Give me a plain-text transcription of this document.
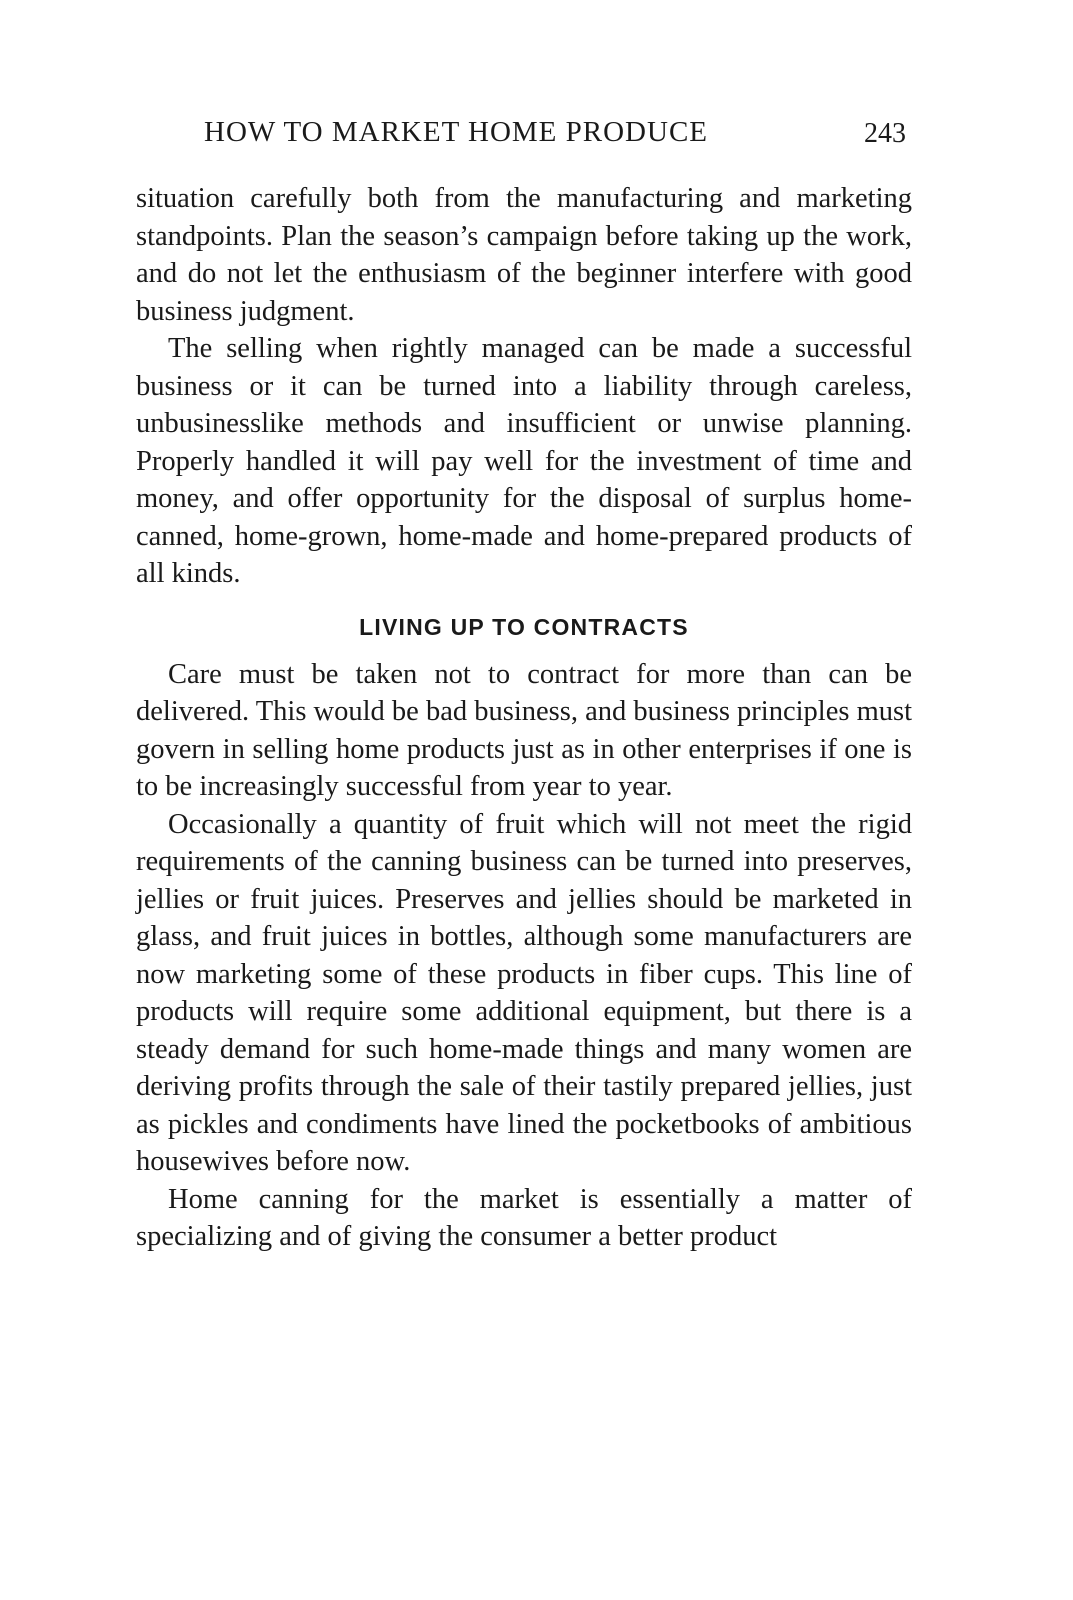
HOW TO MARKET HOME PRODUCE	243

situation carefully both from the manufacturing and marketing standpoints. Plan the season’s campaign before taking up the work, and do not let the enthusiasm of the beginner interfere with good business judgment.

The selling when rightly managed can be made a successful business or it can be turned into a liability through careless, unbusinesslike methods and insufficient or unwise planning. Properly handled it will pay well for the investment of time and money, and offer opportunity for the disposal of surplus home-canned, home-grown, home-made and home-prepared products of all kinds.

LIVING UP TO CONTRACTS

Care must be taken not to contract for more than can be delivered. This would be bad business, and business principles must govern in selling home products just as in other enterprises if one is to be increasingly successful from year to year.

Occasionally a quantity of fruit which will not meet the rigid requirements of the canning business can be turned into preserves, jellies or fruit juices. Preserves and jellies should be marketed in glass, and fruit juices in bottles, although some manufacturers are now marketing some of these products in fiber cups. This line of products will require some additional equipment, but there is a steady demand for such home-made things and many women are deriving profits through the sale of their tastily prepared jellies, just as pickles and condiments have lined the pocketbooks of ambitious housewives before now.

Home canning for the market is essentially a matter of specializing and of giving the consumer a better product
